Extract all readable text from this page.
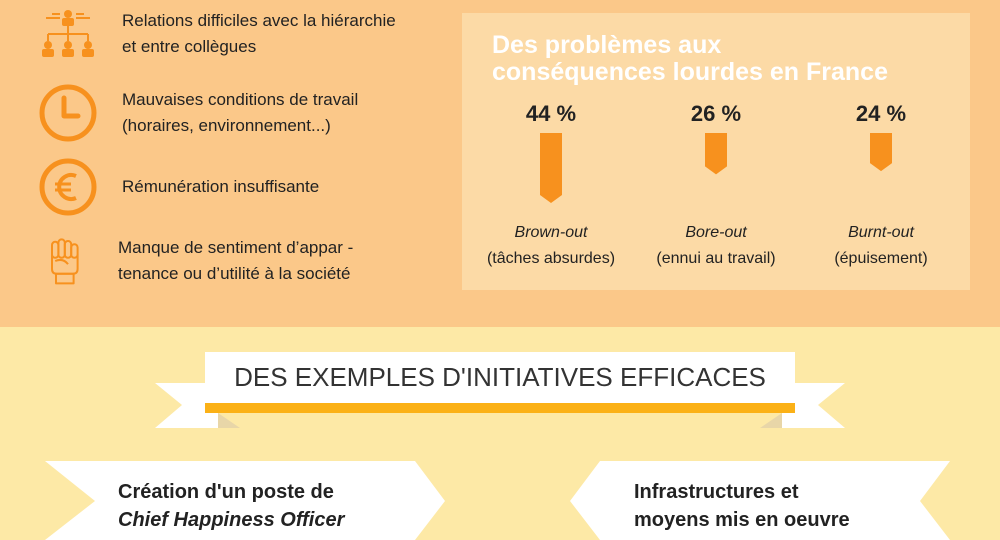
Relations difficiles avec la hiérarchie
et entre collègues
Mauvaises conditions de travail
(horaires, environnement...)
Rémunération insuffisante
Manque de sentiment d’appar -
tenance ou d’utilité à la société
Des problèmes aux
conséquences lourdes en France
44 %
Brown-out
(tâches absurdes)
26 %
Bore-out
(ennui au travail)
24 %
Burnt-out
(épuisement)
DES EXEMPLES D'INITIATIVES EFFICACES
Création d'un poste de
Chief Happiness Officer
Infrastructures et
moyens mis en oeuvre
